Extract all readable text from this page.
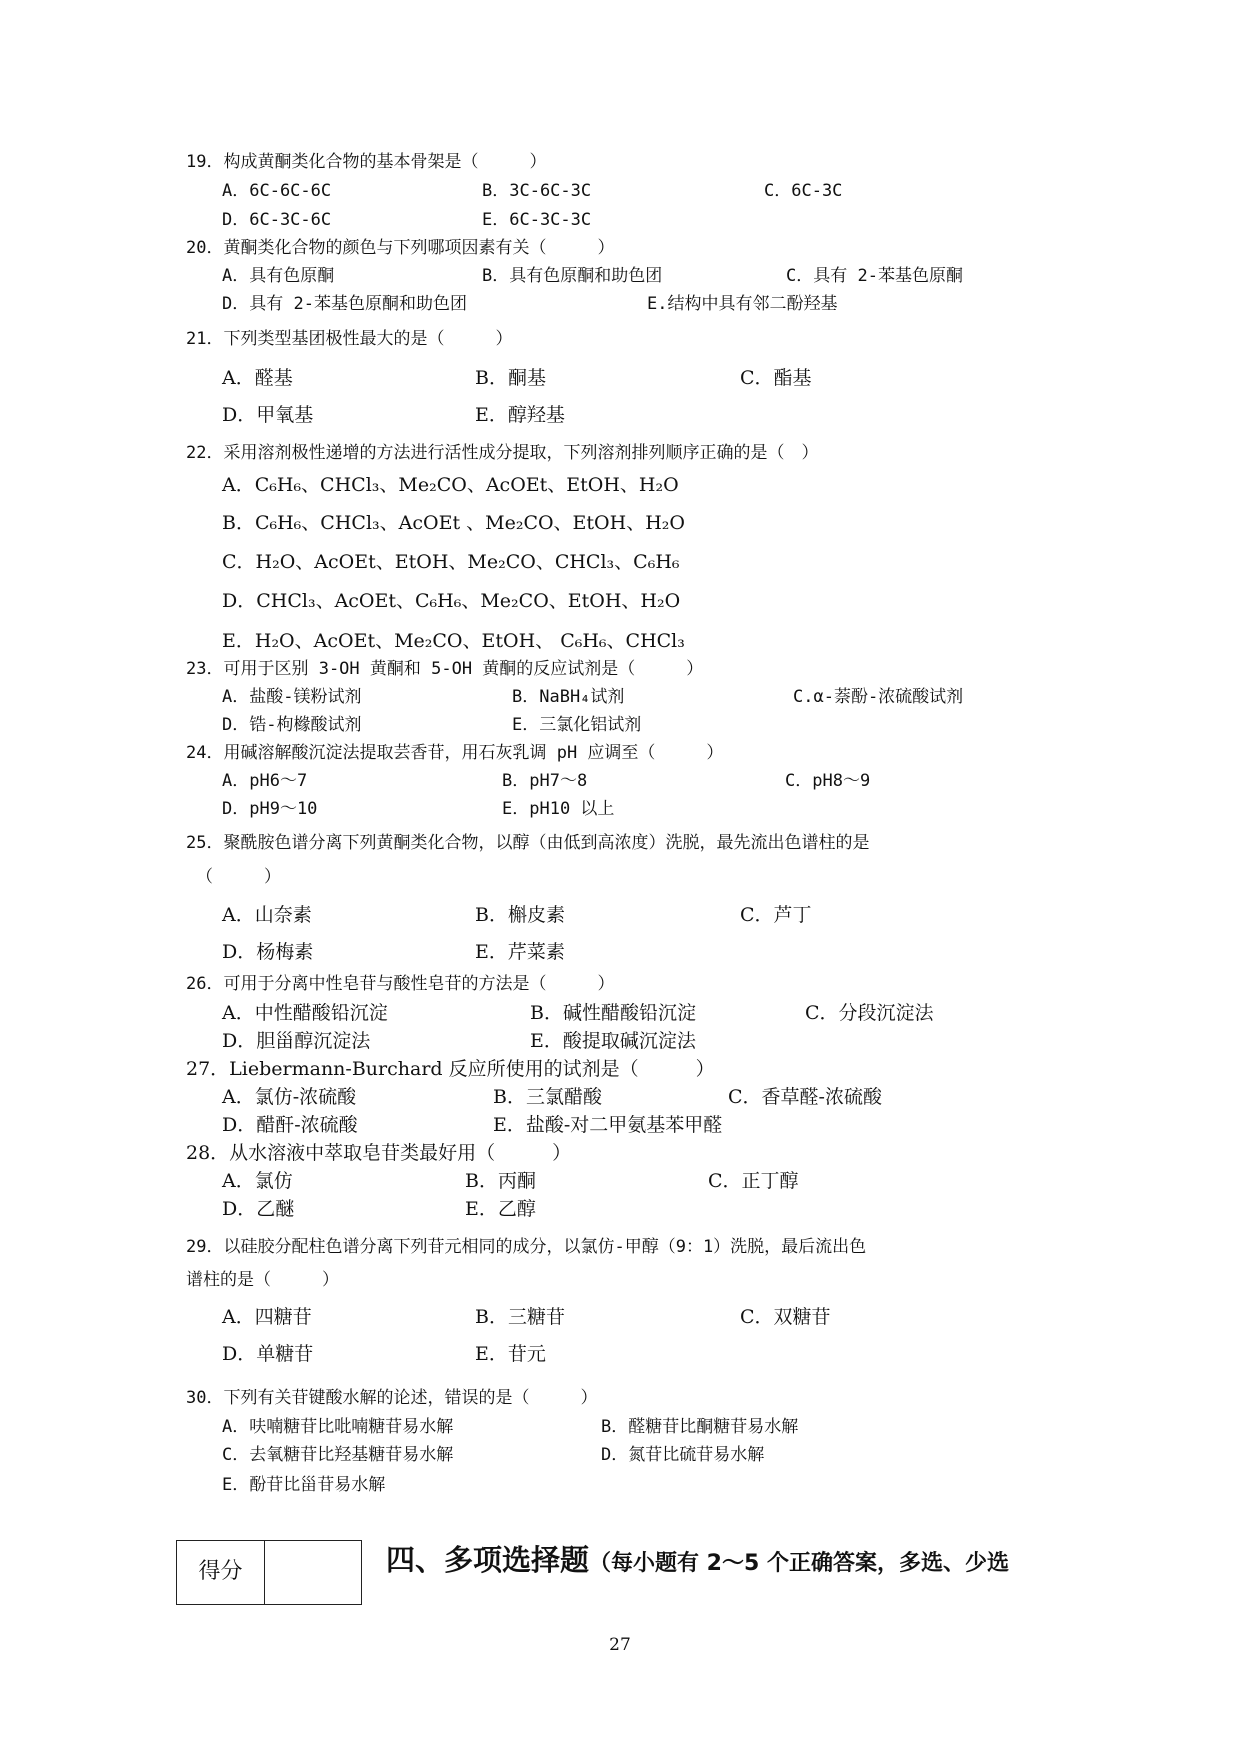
19．构成黄酮类化合物的基本骨架是（　　　）
A．6C-6C-6C	B．3C-6C-3C	C．6C-3C
D．6C-3C-6C	E．6C-3C-3C
20．黄酮类化合物的颜色与下列哪项因素有关（　　　）
A．具有色原酮	B．具有色原酮和助色团	C．具有 2-苯基色原酮
D．具有 2-苯基色原酮和助色团	E.结构中具有邻二酚羟基
21．下列类型基团极性最大的是（　　　）
A．醛基	B．酮基	C．酯基
D．甲氧基	E．醇羟基
22．采用溶剂极性递增的方法进行活性成分提取，下列溶剂排列顺序正确的是（　）
A．C₆H₆、CHCl₃、Me₂CO、AcOEt、EtOH、H₂O
B．C₆H₆、CHCl₃、AcOEt 、Me₂CO、EtOH、H₂O
C．H₂O、AcOEt、EtOH、Me₂CO、CHCl₃、C₆H₆
D．CHCl₃、AcOEt、C₆H₆、Me₂CO、EtOH、H₂O
E．H₂O、AcOEt、Me₂CO、EtOH、 C₆H₆、CHCl₃
23．可用于区别 3-OH 黄酮和 5-OH 黄酮的反应试剂是（　　　）
A．盐酸-镁粉试剂	B．NaBH₄试剂	C.α-萘酚-浓硫酸试剂
D．锆-枸橼酸试剂	E．三氯化铝试剂
24．用碱溶解酸沉淀法提取芸香苷，用石灰乳调 pH 应调至（　　　）
A．pH6～7	B．pH7～8	C．pH8～9
D．pH9～10	E．pH10 以上
25．聚酰胺色谱分离下列黄酮类化合物，以醇（由低到高浓度）洗脱，最先流出色谱柱的是
（　　　）
A．山奈素	B．槲皮素	C．芦丁
D．杨梅素	E．芹菜素
26．可用于分离中性皂苷与酸性皂苷的方法是（　　　）
A．中性醋酸铅沉淀	B．碱性醋酸铅沉淀	C．分段沉淀法
D．胆甾醇沉淀法	E．酸提取碱沉淀法
27．Liebermann-Burchard 反应所使用的试剂是（　　　）
A．氯仿-浓硫酸	B．三氯醋酸	C．香草醛-浓硫酸
D．醋酐-浓硫酸	E．盐酸-对二甲氨基苯甲醛
28．从水溶液中萃取皂苷类最好用（　　　）
A．氯仿	B．丙酮	C．正丁醇
D．乙醚	E．乙醇
29．以硅胶分配柱色谱分离下列苷元相同的成分，以氯仿-甲醇（9：1）洗脱，最后流出色
谱柱的是（　　　）
A．四糖苷	B．三糖苷	C．双糖苷
D．单糖苷	E．苷元
30．下列有关苷键酸水解的论述，错误的是（　　　）
A．呋喃糖苷比吡喃糖苷易水解	B．醛糖苷比酮糖苷易水解
C．去氧糖苷比羟基糖苷易水解	D．氮苷比硫苷易水解
E．酚苷比甾苷易水解
得分	四、多项选择题（每小题有 2～5 个正确答案，多选、少选
27
